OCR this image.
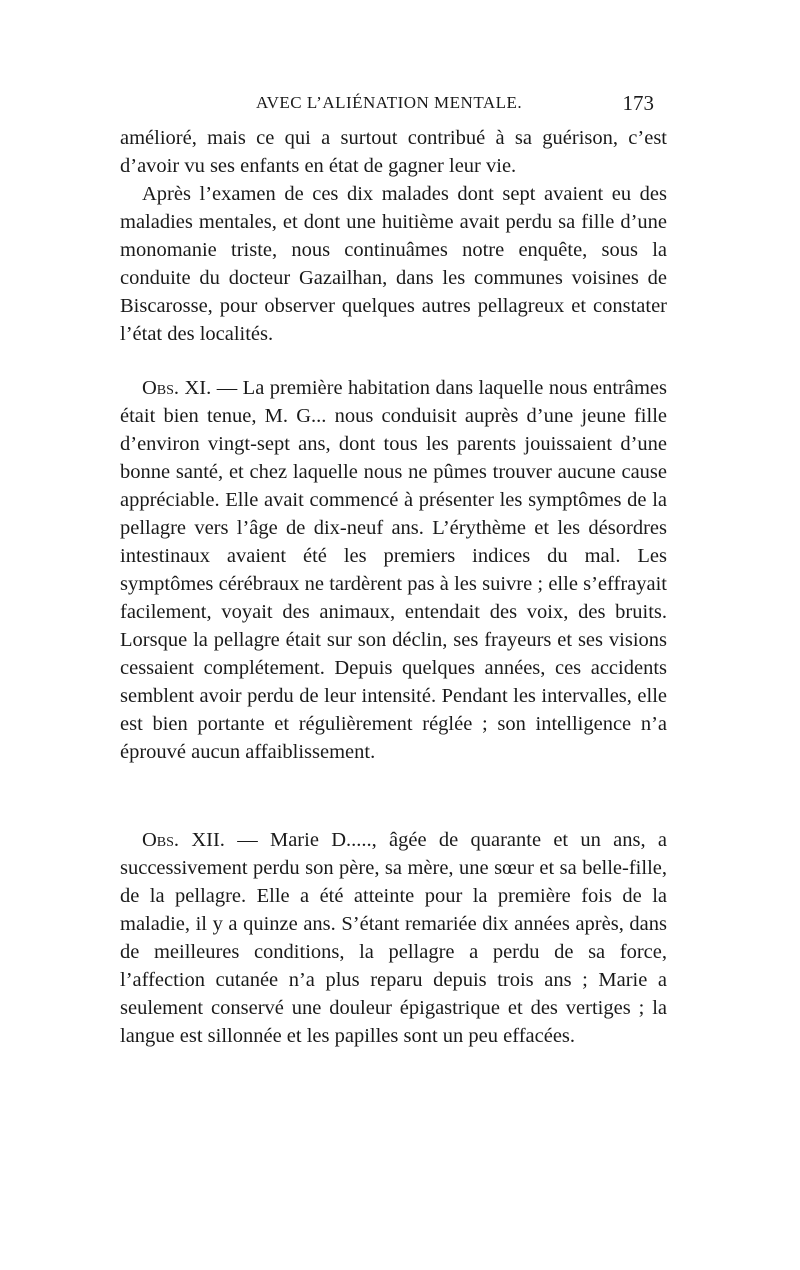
AVEC L’ALIÉNATION MENTALE.	173

amélioré, mais ce qui a surtout contribué à sa guérison, c’est d’avoir vu ses enfants en état de gagner leur vie.

Après l’examen de ces dix malades dont sept avaient eu des maladies mentales, et dont une huitième avait perdu sa fille d’une monomanie triste, nous continuâmes notre enquête, sous la conduite du docteur Gazailhan, dans les communes voisines de Biscarosse, pour observer quelques autres pellagreux et constater l’état des localités.

Obs. XI. — La première habitation dans laquelle nous entrâmes était bien tenue, M. G... nous conduisit auprès d’une jeune fille d’environ vingt-sept ans, dont tous les parents jouissaient d’une bonne santé, et chez laquelle nous ne pûmes trouver aucune cause appréciable. Elle avait commencé à présenter les symptômes de la pellagre vers l’âge de dix-neuf ans. L’érythème et les désordres intestinaux avaient été les premiers indices du mal. Les symptômes cérébraux ne tardèrent pas à les suivre ; elle s’effrayait facilement, voyait des animaux, entendait des voix, des bruits. Lorsque la pellagre était sur son déclin, ses frayeurs et ses visions cessaient complétement. Depuis quelques années, ces accidents semblent avoir perdu de leur intensité. Pendant les intervalles, elle est bien portante et régulièrement réglée ; son intelligence n’a éprouvé aucun affaiblissement.

Obs. XII. — Marie D....., âgée de quarante et un ans, a successivement perdu son père, sa mère, une sœur et sa belle-fille, de la pellagre. Elle a été atteinte pour la première fois de la maladie, il y a quinze ans. S’étant remariée dix années après, dans de meilleures conditions, la pellagre a perdu de sa force, l’affection cutanée n’a plus reparu depuis trois ans ; Marie a seulement conservé une douleur épigastrique et des vertiges ; la langue est sillonnée et les papilles sont un peu effacées.
